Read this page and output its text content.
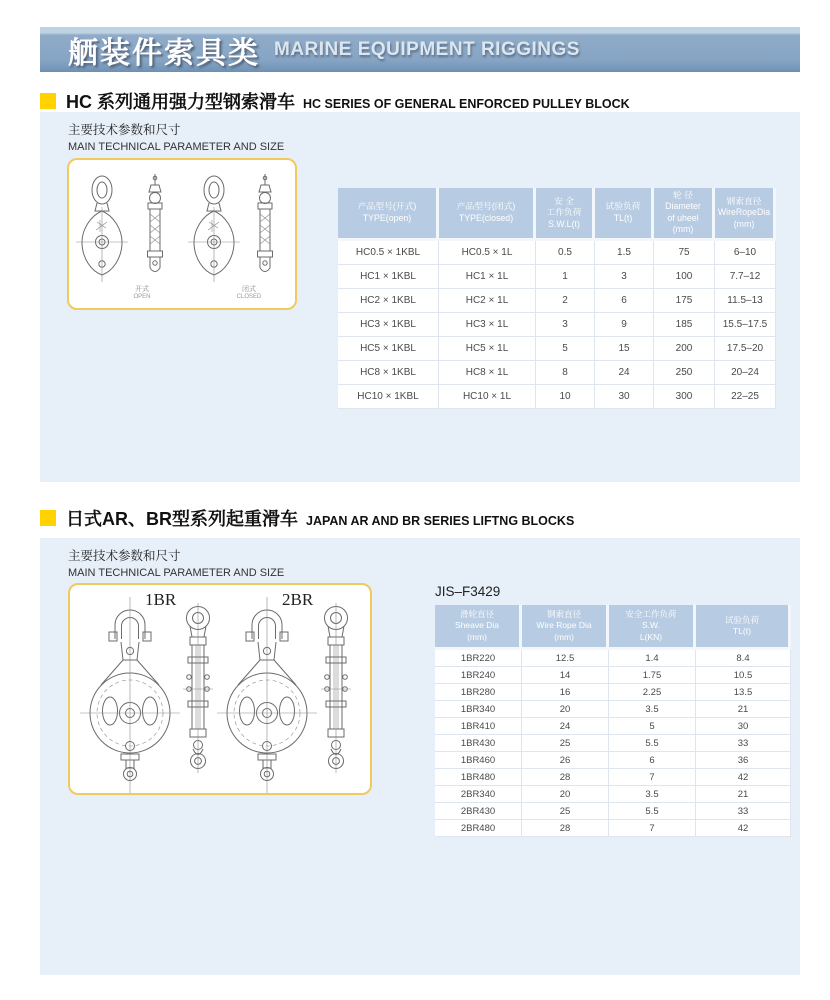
舾装件索具类 MARINE EQUIPMENT RIGGINGS
HC 系列通用强力型钢索滑车 HC SERIES OF GENERAL ENFORCED PULLEY BLOCK
主要技术参数和尺寸
MAIN TECHNICAL PARAMETER AND SIZE
开式
OPEN
闭式
CLOSED
产品型号(开式)
TYPE(open)

产品型号(闭式)
TYPE(closed)

安 全
工作负荷
S.W.L(t)

试验负荷
TL(t)

轮 径
Diameter
of uheel
(mm)

钢索直径
WireRopeDia
(mm)

HC0.5 × 1KBL	HC0.5 × 1L	0.5	1.5	75	6–10
HC1 × 1KBL	HC1 × 1L	1	3	100	7.7–12
HC2 × 1KBL	HC2 × 1L	2	6	175	11.5–13
HC3 × 1KBL	HC3 × 1L	3	9	185	15.5–17.5
HC5 × 1KBL	HC5 × 1L	5	15	200	17.5–20
HC8 × 1KBL	HC8 × 1L	8	24	250	20–24
HC10 × 1KBL	HC10 × 1L	10	30	300	22–25
日式AR、BR型系列起重滑车 JAPAN AR AND BR SERIES LIFTNG BLOCKS
主要技术参数和尺寸
MAIN TECHNICAL PARAMETER AND SIZE
1BR	2BR	JIS–F3429
滑轮直径
Sheave Dia
(mm)

钢索直径
Wire Rope Dia
(mm)

安全工作负荷
S.W.
L(KN)

试验负荷
TL(t)

1BR220	12.5	1.4	8.4
1BR240	14	1.75	10.5
1BR280	16	2.25	13.5
1BR340	20	3.5	21
1BR410	24	5	30
1BR430	25	5.5	33
1BR460	26	6	36
1BR480	28	7	42
2BR340	20	3.5	21
2BR430	25	5.5	33
2BR480	28	7	42
